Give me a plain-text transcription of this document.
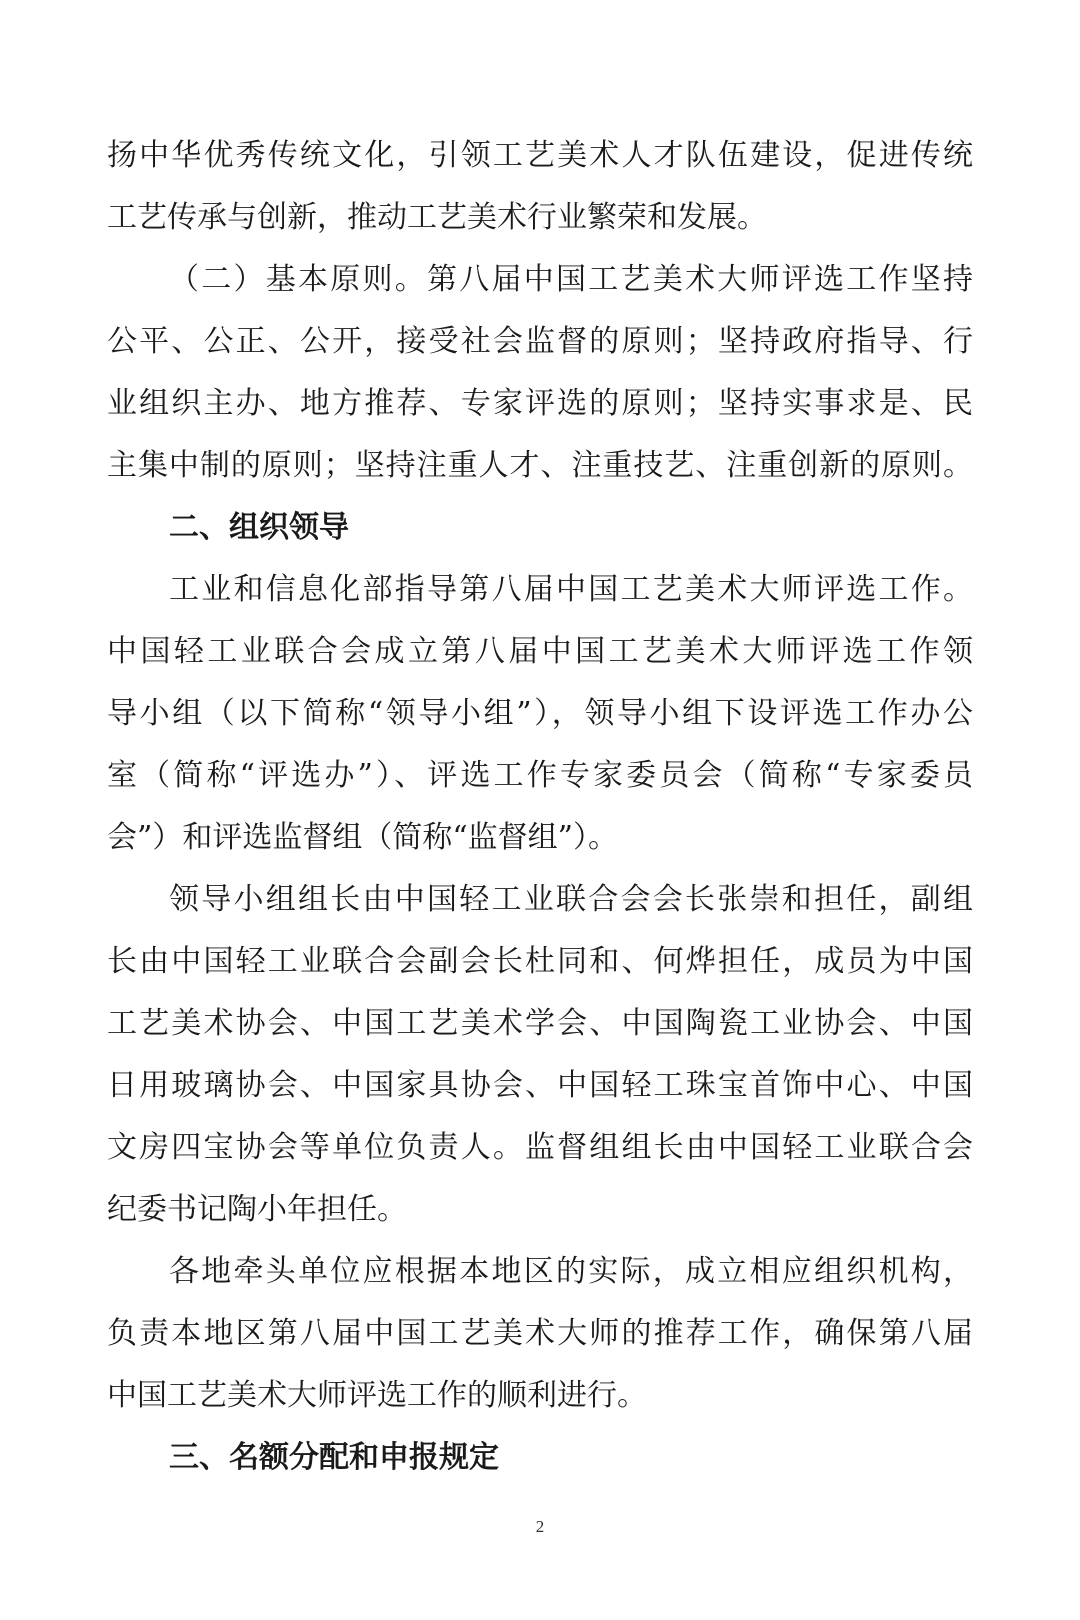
扬中华优秀传统文化，引领工艺美术人才队伍建设，促进传统
工艺传承与创新，推动工艺美术行业繁荣和发展。
（二）基本原则。第八届中国工艺美术大师评选工作坚持
公平、公正、公开，接受社会监督的原则；坚持政府指导、行
业组织主办、地方推荐、专家评选的原则；坚持实事求是、民
主集中制的原则；坚持注重人才、注重技艺、注重创新的原则。
二、组织领导
工业和信息化部指导第八届中国工艺美术大师评选工作。
中国轻工业联合会成立第八届中国工艺美术大师评选工作领
导小组（以下简称“领导小组”），领导小组下设评选工作办公
室（简称“评选办”）、评选工作专家委员会（简称“专家委员
会”）和评选监督组（简称“监督组”）。
领导小组组长由中国轻工业联合会会长张崇和担任，副组
长由中国轻工业联合会副会长杜同和、何烨担任，成员为中国
工艺美术协会、中国工艺美术学会、中国陶瓷工业协会、中国
日用玻璃协会、中国家具协会、中国轻工珠宝首饰中心、中国
文房四宝协会等单位负责人。监督组组长由中国轻工业联合会
纪委书记陶小年担任。
各地牵头单位应根据本地区的实际，成立相应组织机构，
负责本地区第八届中国工艺美术大师的推荐工作，确保第八届
中国工艺美术大师评选工作的顺利进行。
三、名额分配和申报规定
2
